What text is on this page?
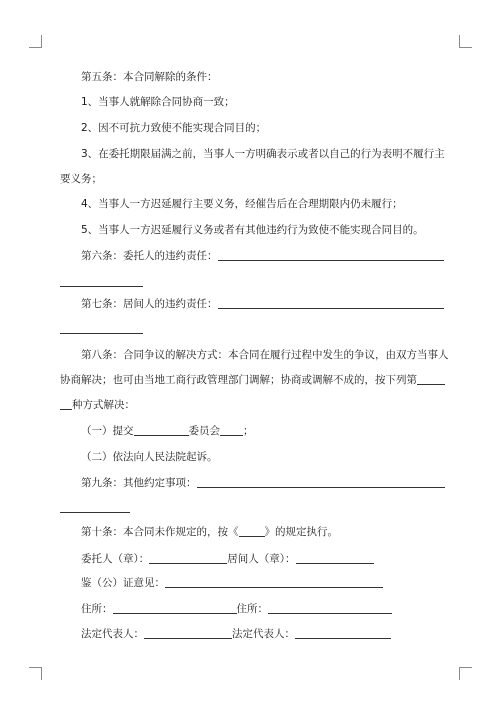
第五条：本合同解除的条件：
1、当事人就解除合同协商一致；
2、因不可抗力致使不能实现合同目的；
3、在委托期限届满之前，当事人一方明确表示或者以自己的行为表明不履行主
要义务；
4、当事人一方迟延履行主要义务，经催告后在合理期限内仍未履行；
5、当事人一方迟延履行义务或者有其他违约行为致使不能实现合同目的。
第六条：委托人的违约责任：
第七条：居间人的违约责任：
第八条：合同争议的解决方式：本合同在履行过程中发生的争议，由双方当事人
协商解决；也可由当地工商行政管理部门调解；协商或调解不成的，按下列第
种方式解决：
（一）提交	委员会 ；
（二）依法向人民法院起诉。
第九条：其他约定事项：
第十条：本合同未作规定的，按《 》的规定执行。
委托人（章）：	居间人（章）：
鉴（公）证意见：
住所：	住所：
法定代表人：	法定代表人：
